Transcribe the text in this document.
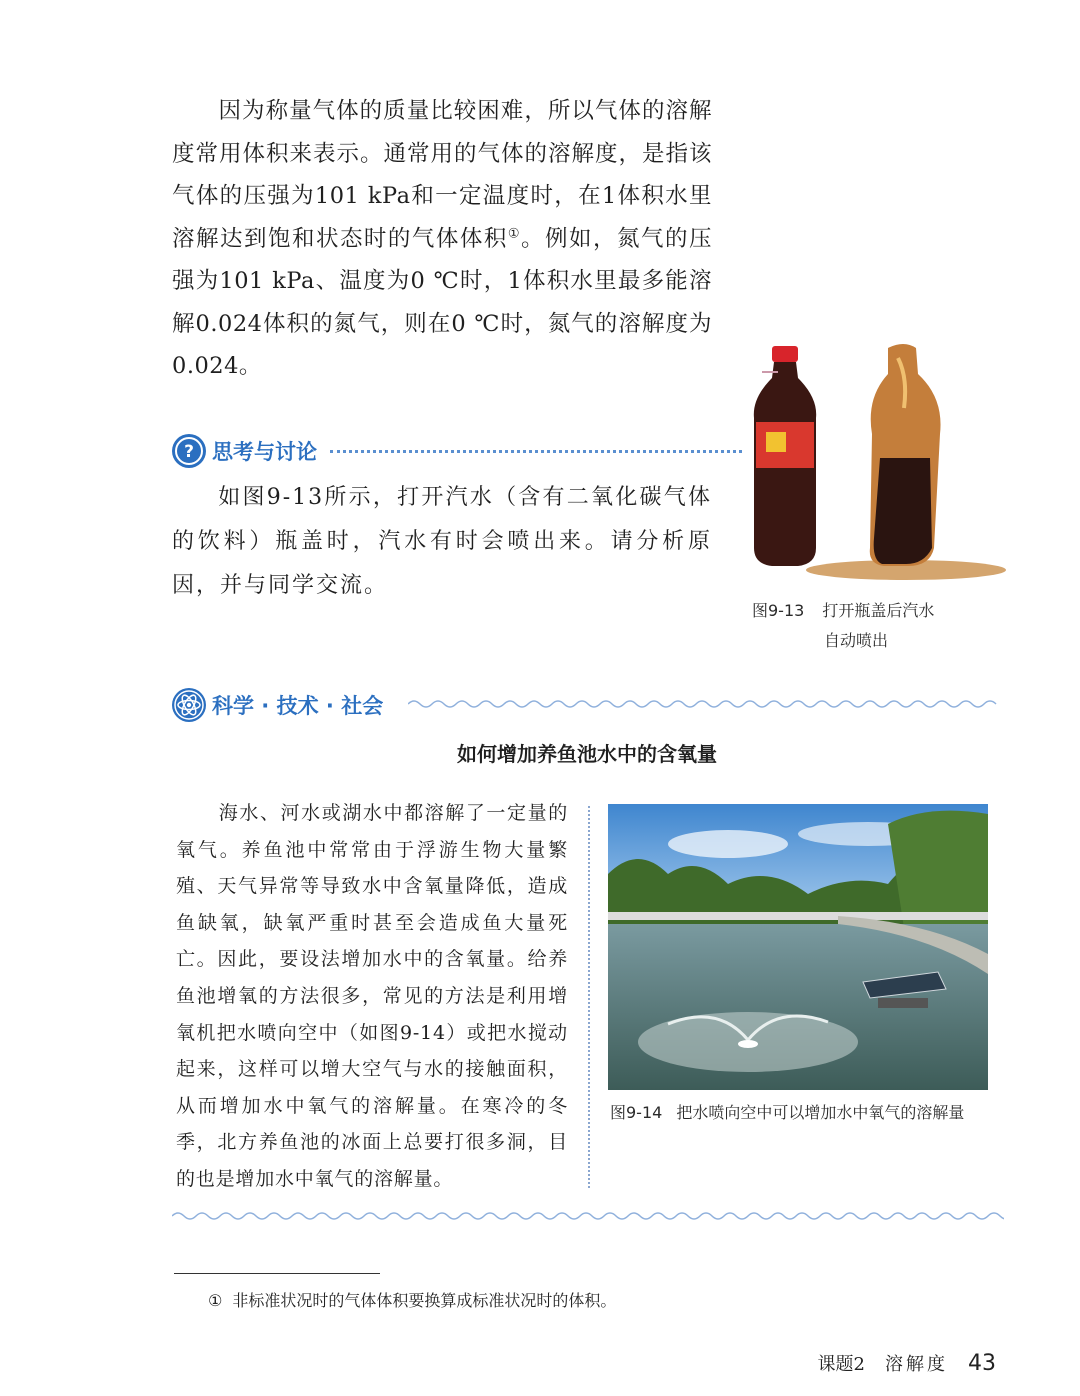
因为称量气体的质量比较困难，所以气体的溶解度常用体积来表示。通常用的气体的溶解度，是指该气体的压强为101 kPa和一定温度时，在1体积水里溶解达到饱和状态时的气体体积①。例如，氮气的压强为101 kPa、温度为0 ℃时，1体积水里最多能溶解0.024体积的氮气，则在0 ℃时，氮气的溶解度为0.024。
? 思考与讨论
如图9-13所示，打开汽水（含有二氧化碳气体的饮料）瓶盖时，汽水有时会喷出来。请分析原因，并与同学交流。
图9-13 打开瓶盖后汽水
自动喷出
科学 · 技术 · 社会
如何增加养鱼池水中的含氧量
海水、河水或湖水中都溶解了一定量的氧气。养鱼池中常常由于浮游生物大量繁殖、天气异常等导致水中含氧量降低，造成鱼缺氧，缺氧严重时甚至会造成鱼大量死亡。因此，要设法增加水中的含氧量。给养鱼池增氧的方法很多，常见的方法是利用增氧机把水喷向空中（如图9-14）或把水搅动起来，这样可以增大空气与水的接触面积，从而增加水中氧气的溶解量。在寒冷的冬季，北方养鱼池的冰面上总要打很多洞，目的也是增加水中氧气的溶解量。
图9-14 把水喷向空中可以增加水中氧气的溶解量
① 非标准状况时的气体体积要换算成标准状况时的体积。
课题2 溶解度 43
